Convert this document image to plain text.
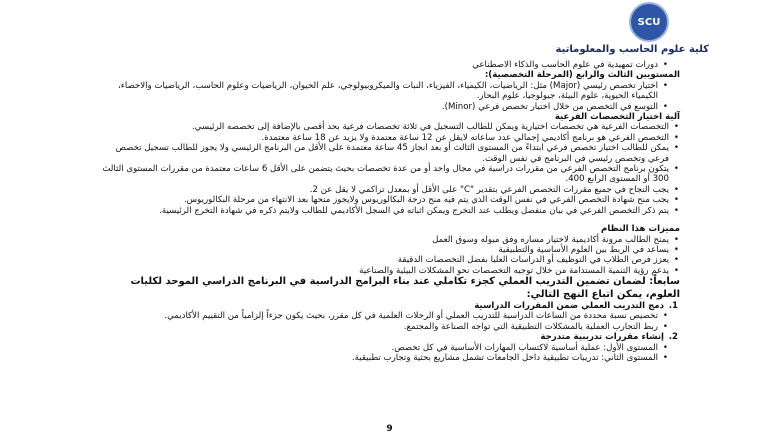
SCU
كلية علوم الحاسب والمعلوماتية

• دورات تمهيدية في علوم الحاسب والذكاء الاصطناعي

المستويين الثالث والرابع (المرحلة التخصصية):

• اختيار تخصص رئيسي (Major) مثل: الرياضيات، الكيمياء، الفيزياء، النبات والميكروبيولوجي، علم الحيوان، الرياضيات وعلوم الحاسب، الرياضيات والاحصاء، الكيمياء الحيوية، علوم البيئة، جيولوجيا، علوم البحار.

• التوسع في التخصص من خلال اختيار تخصص فرعي (Minor).

آلية اختيار التخصصات الفرعية

• التخصصات الفرعية هي تخصصات اختيارية ويمكن للطالب التسجيل في ثلاثة تخصصات فرعية بحد أقصى بالإضافة إلى تخصصه الرئيسي.

• التخصص الفرعي هو برنامج أكاديمي إجمالي عدد ساعاته لايقل عن 12 ساعة معتمدة ولا يزيد عن 18 ساعة معتمدة.

• يمكن للطالب اختيار تخصص فرعي ابتداءً من المستوى الثالث أو بعد انجاز 45 ساعة معتمدة على الأقل من البرنامج الرئيسي ولا يجوز للطالب تسجيل تخصص فرعي وتخصص رئيسي في البرنامج في نفس الوقت.

• يتكون برنامج التخصص الفرعي من مقررات دراسية في مجال واحد أو من عدة تخصصات بحيث يتضمن على الأقل 6 ساعات معتمدة من مقررات المستوى الثالث 300 أو المستوى الرابع 400.

• يجب النجاح في جميع مقررات التخصص الفرعي بتقدير "C" على الأقل أو بمعدل تراكمي لا يقل عن 2.

• يجب منح شهادة التخصص الفرعي في نفس الوقت الذي يتم فيه منح درجة البكالوريوس ولايجوز منحها بعد الانتهاء من مرحلة البكالوريوس.

• يتم ذكر التخصص الفرعي في بيان منفصل ويطلب عند التخرج ويمكن اثباته في السجل الأكاديمي للطالب ولايتم ذكره في شهادة التخرج الرئيسية.

مميزات هذا النظام

• يمنح الطالب مرونة أكاديمية لاختيار مساره وفق ميوله وسوق العمل

• يساعد في الربط بين العلوم الأساسية والتطبيقية

• يعزز فرص الطلاب في التوظيف أو الدراسات العليا بفضل التخصصات الدقيقة

• يدعم رؤية التنمية المستدامة من خلال توجيه التخصصات نحو المشكلات البيئية والصناعية

سابعاً: لضمان تضمين التدريب العملي كجزء تكاملي عند بناء البرامج الدراسية في البرنامج الدراسي الموحد لكليات العلوم، يمكن اتباع النهج التالي:

1.
دمج التدريب العملي ضمن المقررات الدراسية

• تخصيص نسبة محددة من الساعات الدراسية للتدريب العملي أو الرحلات العلمية في كل مقرر، بحيث يكون جزءاً إلزامياً من التقييم الأكاديمي.

• ربط التجارب العملية بالمشكلات التطبيقية التي تواجه الصناعة والمجتمع.

2.
إنشاء مقررات تدريبية متدرجة

• المستوى الأول: عملية أساسية لاكتساب المهارات الأساسية في كل تخصص.

• المستوى الثاني: تدريبات تطبيقية داخل الجامعات تشمل مشاريع بحثية وتجارب تطبيقية.

9
